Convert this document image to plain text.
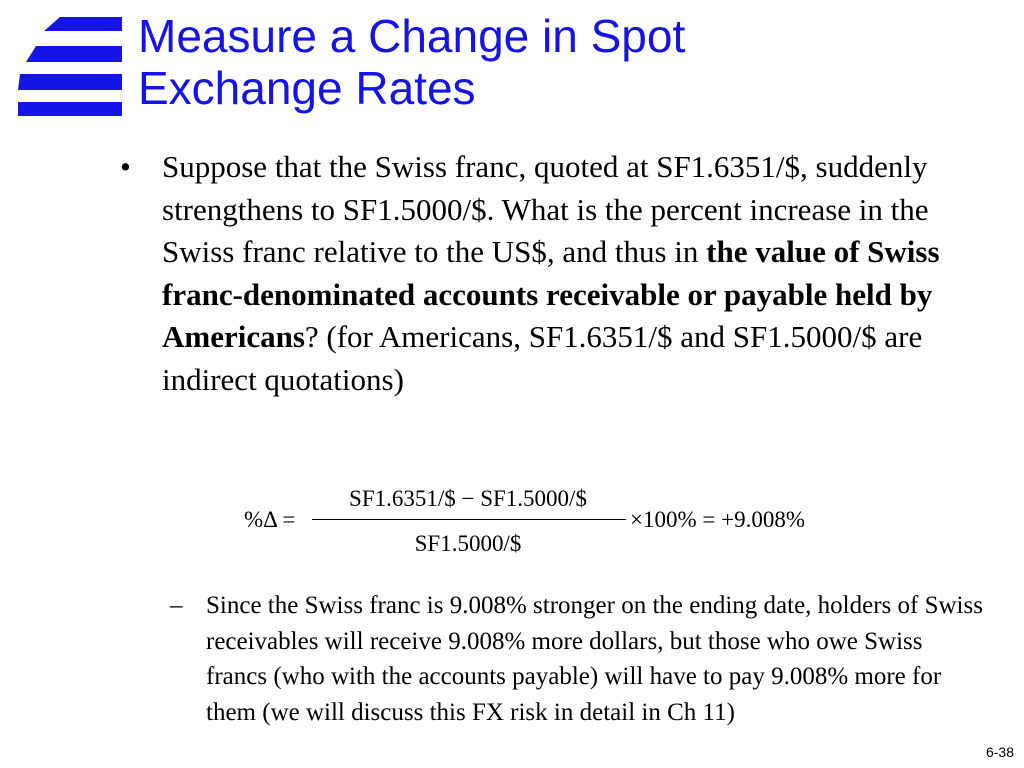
Measure a Change in Spot
Exchange Rates
• Suppose that the Swiss franc, quoted at SF1.6351/$, suddenly strengthens to SF1.5000/$. What is the percent increase in the Swiss franc relative to the US$, and thus in the value of Swiss franc-denominated accounts receivable or payable held by Americans? (for Americans, SF1.6351/$ and SF1.5000/$ are indirect quotations)
%Δ =
SF1.6351/$ − SF1.5000/$
SF1.5000/$
×100% = +9.008%
– Since the Swiss franc is 9.008% stronger on the ending date, holders of Swiss receivables will receive 9.008% more dollars, but those who owe Swiss francs (who with the accounts payable) will have to pay 9.008% more for them (we will discuss this FX risk in detail in Ch 11)
6-38
